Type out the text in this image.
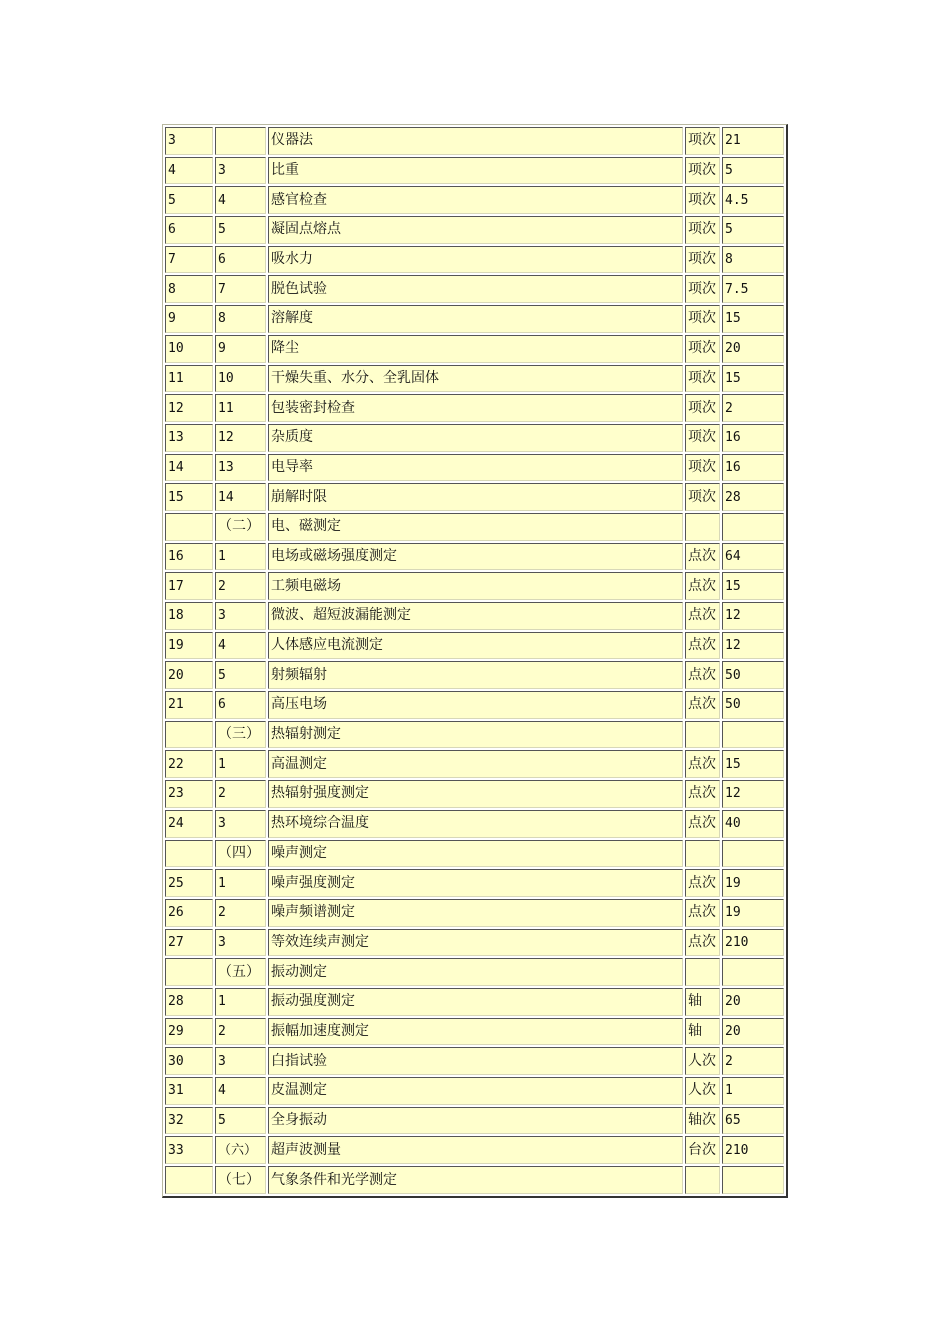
3		仪器法	项次	21
4	3	比重	项次	5
5	4	感官检查	项次	4.5
6	5	凝固点熔点	项次	5
7	6	吸水力	项次	8
8	7	脱色试验	项次	7.5
9	8	溶解度	项次	15
10	9	降尘	项次	20
11	10	干燥失重、水分、全乳固体	项次	15
12	11	包装密封检查	项次	2
13	12	杂质度	项次	16
14	13	电导率	项次	16
15	14	崩解时限	项次	28
	（二）	电、磁测定		
16	1	电场或磁场强度测定	点次	64
17	2	工频电磁场	点次	15
18	3	微波、超短波漏能测定	点次	12
19	4	人体感应电流测定	点次	12
20	5	射频辐射	点次	50
21	6	高压电场	点次	50
	（三）	热辐射测定		
22	1	高温测定	点次	15
23	2	热辐射强度测定	点次	12
24	3	热环境综合温度	点次	40
	（四）	噪声测定		
25	1	噪声强度测定	点次	19
26	2	噪声频谱测定	点次	19
27	3	等效连续声测定	点次	210
	（五）	振动测定		
28	1	振动强度测定	轴	20
29	2	振幅加速度测定	轴	20
30	3	白指试验	人次	2
31	4	皮温测定	人次	1
32	5	全身振动	轴次	65
33	（六）	超声波测量	台次	210
	（七）	气象条件和光学测定		
